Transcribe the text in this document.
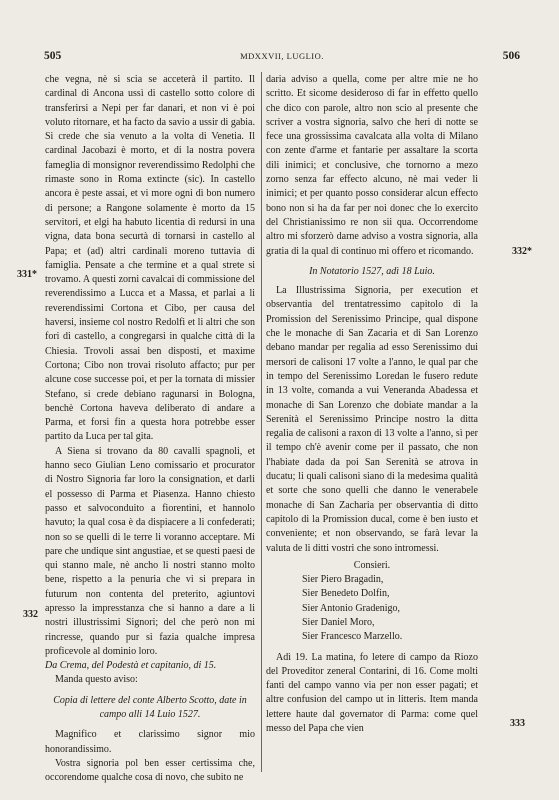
505	MDXXVII, LUGLIO.	506
331*
332
332*
333

che vegna, nè si scia se acceterà il partito. Il cardinal di Ancona ussì di castello sotto colore di transferirsi a Nepi per far danari, et non vi è poi voluto ritornare, et ha facto da savio a ussir di gabia. Si crede che sia venuto a la volta di Venetia. Il cardinal Jacobazi è morto, et di la nostra povera fameglia di monsignor reverendissimo Redolphi che rimaste sono in Roma extincte (sic). In castello ancora è peste assai, et vi more ogni dì bon numero di persone; a Rangone solamente è morto da 15 servitori, et elgi ha habuto licentia di redursi in una vigna, data bona securtà di tornarsi in castello al Papa; et (ad) altri cardinali moreno tuttavia di famiglia. Pensate a che termine et a qual strete si trovamo. A questi zorni cavalcai di commissione del reverendissimo a Lucca et a Massa, et parlai a li reverendissimi Cortona et Cibo, per causa del haversi, insieme col nostro Redolfi et li altri che son fori di castello, a congregarsi in qualche città di la Chiesia. Trovoli assai ben disposti, et maxime Cortona; Cibo non trovai risoluto affacto; pur per alcune cose successe poi, et per la tornata di missier Stefano, si crede debiano ragunarsi in Bologna, benchè Cortona haveva deliberato di andare a Parma, et forsi fin a questa hora potrebbe esser partito da Luca per tal gita.

A Siena si trovano da 80 cavalli spagnoli, et hanno seco Giulian Leno comissario et procurator di Nostro Signoria far loro la consignation, et darli el possesso di Parma et Piasenza. Hanno chiesto passo et salvoconduito a fiorentini, et hannolo havuto; la qual cosa è da dispiacere a li confederati; non so se quelli di le terre li voranno acceptare. Mi pare che undique sint angustiae, et se questi paesi de qui stanno male, nè ancho li nostri stanno molto bene, rispetto a la penuria che vi si prepara in futurum non contenta del preterito, agiuntovi apresso la impresstanza che si hanno a dare a li nostri illustrissimi Signori; del che però non mi rincresse, quando pur si fazia qualche impresa proficevole al dominio loro.

Da Crema, del Podestà et capitanio, di 15.

Manda questo aviso:

Copia di lettere del conte Alberto Scotto, date in campo alli 14 Luio 1527.

Magnifico et clarissimo signor mio honorandissimo.

Vostra signoria pol ben esser certissima che, occorendome qualche cosa di novo, che subito ne

daria adviso a quella, come per altre mie ne ho scritto. Et sicome desideroso di far in effetto quello che dico con parole, altro non scio al presente che scriver a vostra signoria, salvo che heri di notte se fece una grossissima cavalcata alla volta di Milano con zente d'arme et fantarie per assaltare la scorta dili inimici; et conclusive, che tornorno a mezo zorno senza far effecto alcuno, nè mai veder li inimici; et per quanto posso considerar alcun effecto bono non si ha da far per noi donec che lo exercito del Christianissimo re non sii qua. Occorrendome altro mi sforzerò darne adviso a vostra signoria, alla gratia di la qual di continuo mi offero et ricomando.

In Notatorio 1527, adì 18 Luio.

La Illustrissima Signoria, per execution et observantia del trentatressimo capitolo di la Promission del Serenissimo Principe, qual dispone che le monache di San Zacaria et di San Lorenzo debano mandar per regalia ad esso Serenissimo dui mersori de calisoni 17 volte a l'anno, le qual par che in tempo del Serenissimo Loredan le fusero redute in 13 volte, comanda a vui Veneranda Abadessa et monache di San Lorenzo che dobiate mandar a la Serenità el Serenissimo Principe nostro la ditta regalia de calisoni a raxon di 13 volte a l'anno, sì per il tempo ch'è avenir come per il passato, che non l'habiate dada da poi San Serenità se atrova in ducatu; li quali calisoni siano di la medesima qualità et sorte che sono quelli che danno le venerabele monache di San Zacharia per observantia di ditto capitolo di la Promission ducal, come è ben iusto et conveniente; et non observando, se farà levar la valuta de li ditti vostri che sono intromessi.

Consieri.

Sier Piero Bragadin,

Sier Benedeto Dolfin,

Sier Antonio Gradenigo,

Sier Daniel Moro,

Sier Francesco Marzello.

Adì 19. La matina, fo letere di campo da Riozo del Proveditor zeneral Contarini, di 16. Come molti fanti del campo vanno via per non esser pagati; et altre confusion del campo ut in litteris. Item manda lettere haute dal governator di Parma: come quel messo del Papa che vien
